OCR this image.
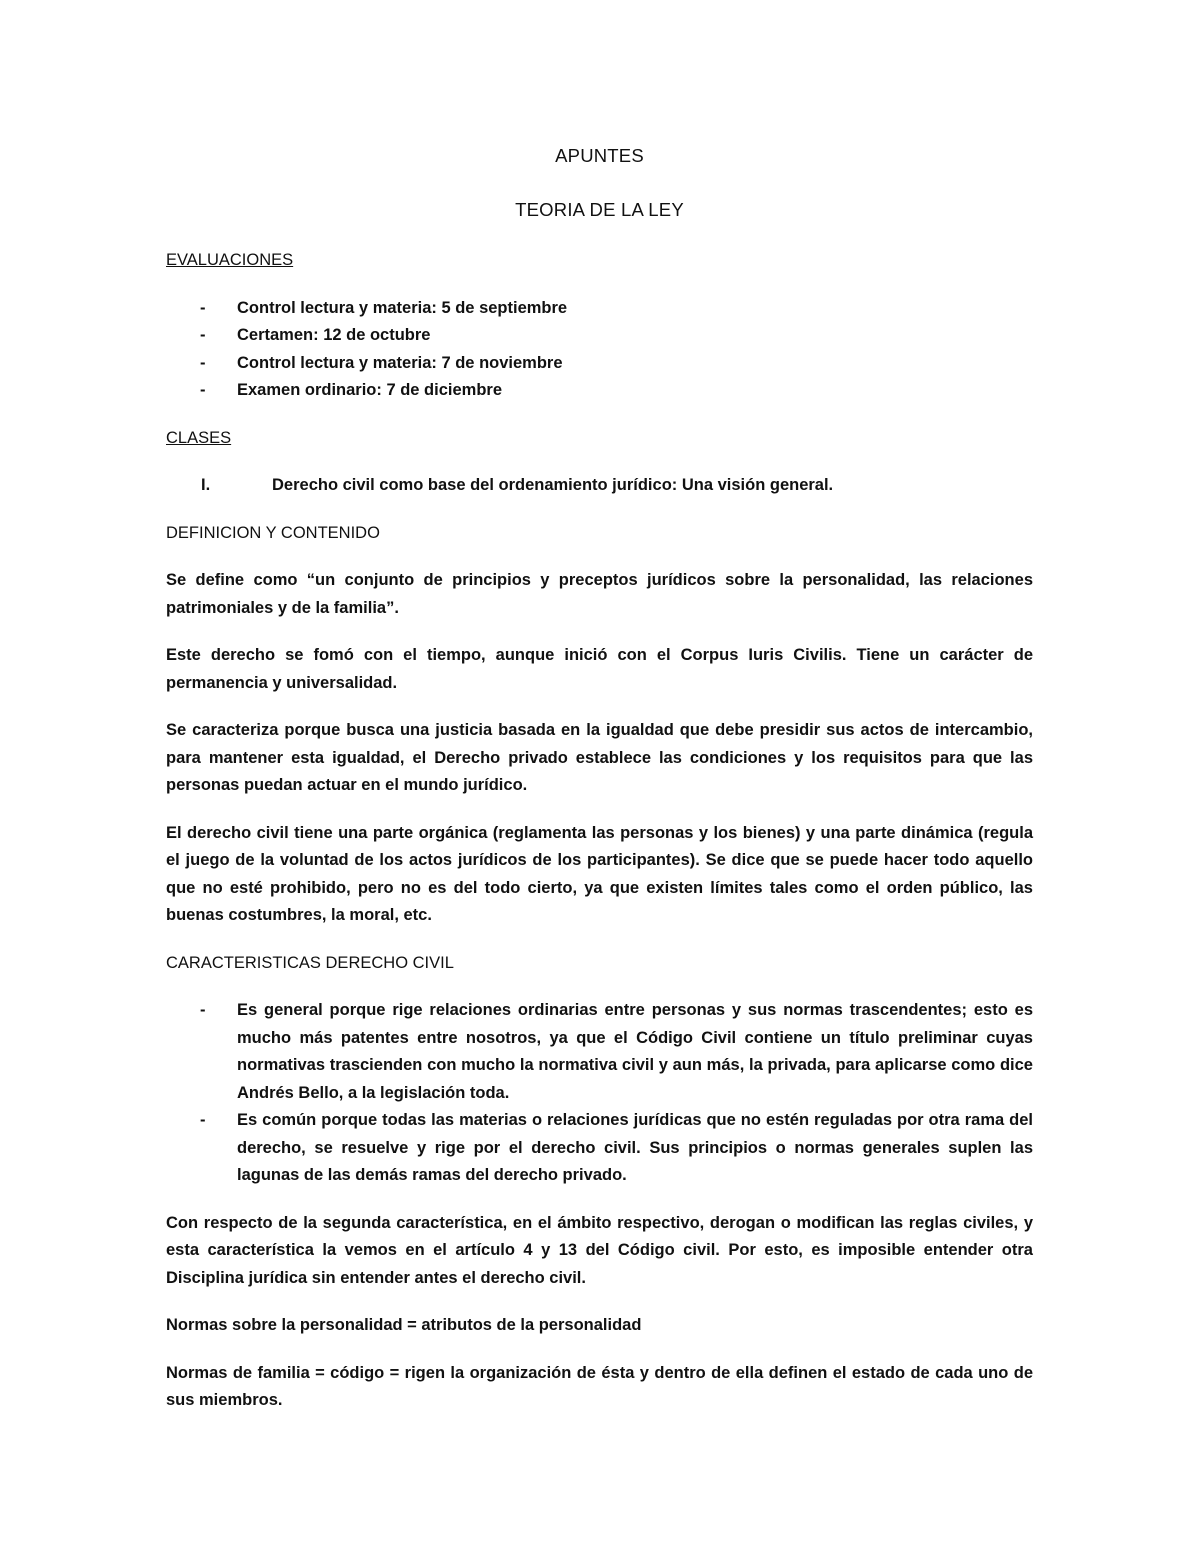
APUNTES
TEORIA DE LA LEY
EVALUACIONES
- Control lectura y materia: 5 de septiembre
- Certamen: 12 de octubre
- Control lectura y materia: 7 de noviembre
- Examen ordinario: 7 de diciembre
CLASES
I.	Derecho civil como base del ordenamiento jurídico: Una visión general.
DEFINICION Y CONTENIDO

Se define como “un conjunto de principios y preceptos jurídicos sobre la personalidad, las relaciones patrimoniales y de la familia”.

Este derecho se fomó con el tiempo, aunque inició con el Corpus Iuris Civilis. Tiene un carácter de permanencia y universalidad.

Se caracteriza porque busca una justicia basada en la igualdad que debe presidir sus actos de intercambio, para mantener esta igualdad, el Derecho privado establece las condiciones y los requisitos para que las personas puedan actuar en el mundo jurídico.

El derecho civil tiene una parte orgánica (reglamenta las personas y los bienes) y una parte dinámica (regula el juego de la voluntad de los actos jurídicos de los participantes). Se dice que se puede hacer todo aquello que no esté prohibido, pero no es del todo cierto, ya que existen límites tales como el orden público, las buenas costumbres, la moral, etc.

CARACTERISTICAS DERECHO CIVIL
- Es general porque rige relaciones ordinarias entre personas y sus normas trascendentes; esto es mucho más patentes entre nosotros, ya que el Código Civil contiene un título preliminar cuyas normativas trascienden con mucho la normativa civil y aun más, la privada, para aplicarse como dice Andrés Bello, a la legislación toda.
- Es común porque todas las materias o relaciones jurídicas que no estén reguladas por otra rama del derecho, se resuelve y rige por el derecho civil. Sus principios o normas generales suplen las lagunas de las demás ramas del derecho privado.

Con respecto de la segunda característica, en el ámbito respectivo, derogan o modifican las reglas civiles, y esta característica la vemos en el artículo 4 y 13 del Código civil. Por esto, es imposible entender otra Disciplina jurídica sin entender antes el derecho civil.

Normas sobre la personalidad = atributos de la personalidad

Normas de familia = código = rigen la organización de ésta y dentro de ella definen el estado de cada uno de sus miembros.
